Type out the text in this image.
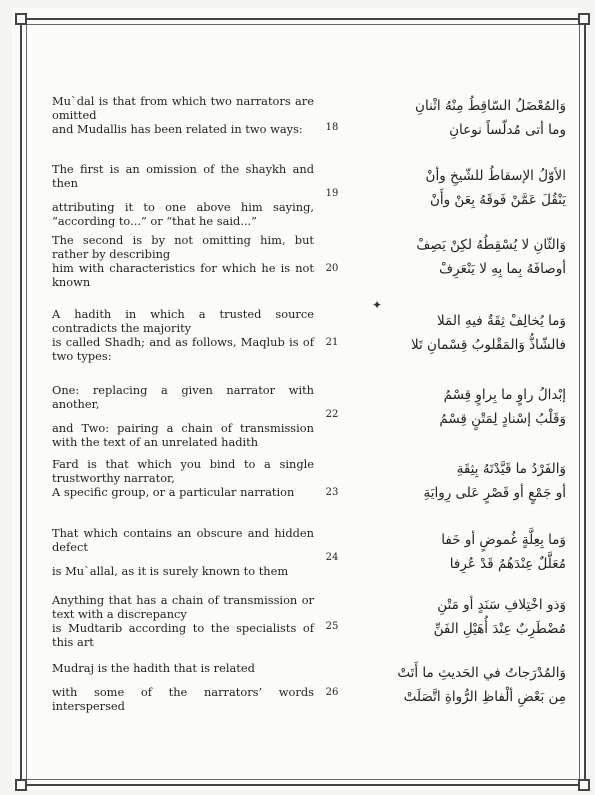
✦
Mu`dal is that from which two narrators are omitted
and Mudallis has been related in two ways:	18
وَالمُعْضَلُ السّاقِطُ مِنْهُ اثْنانِ
وما أتى مُدلّساً نوعانِ
The first is an omission of the shaykh and then
attributing it to one above him saying, “according to...” or “that he said...”
19
الأوّلُ الإسقاطُ للشّيخِ وأنْ
يَنْقُلَ عَمَّنْ فَوقَهُ بِعَنْ وأَنْ
The second is by not omitting him, but rather by describing
him with characteristics for which he is not known
20
وَالثّانِ لا يُسْقِطُهُ لكِنْ يَصِفْ
أوصافَهُ بِما بِهِ لا يَنْعَرِفْ
A hadith in which a trusted source contradicts the majority
is called Shadh; and as follows, Maqlub is of two types:
21
وَما يُخالِفْ ثِقَةٌ فيهِ المَلا
فالشّاذُّ وَالمَقْلوبُ قِسْمانِ تَلا
One: replacing a given narrator with another,
and Two: pairing a chain of transmission with the text of an unrelated hadith
22
إبْدالُ راوٍ ما بِراوٍ قِسْمُ
وَقَلْبُ إسْنادٍ لِمَتْنٍ قِسْمُ
Fard is that which you bind to a single trustworthy narrator,
A specific group, or a particular narration	23
وَالفَرْدُ ما قَيَّدْتَهُ بِثِقَةِ
أو جَمْعٍ أو قَصْرٍ عَلى رِوايَةِ
That which contains an obscure and hidden defect
is Mu`allal, as it is surely known to them
24
وَما بِعِلَّةٍ غُموضٍ أو خَفا
مُعَلَّلٌ عِنْدَهُمُ قَدْ عُرِفا
Anything that has a chain of transmission or text with a discrepancy
is Mudtarib according to the specialists of this art
25
وَذو اخْتِلافِ سَنَدٍ أو مَتْنِ
مُضْطَرِبٌ عِنْدَ أُهَيْلِ الفَنِّ
Mudraj is the hadith that is related
with some of the narrators’ words interspersed
26
وَالمُدْرَجاتُ في الحَديثِ ما أَتَتْ
مِن بَعْضِ ألْفاظِ الرُّواةِ اتَّصَلَتْ
